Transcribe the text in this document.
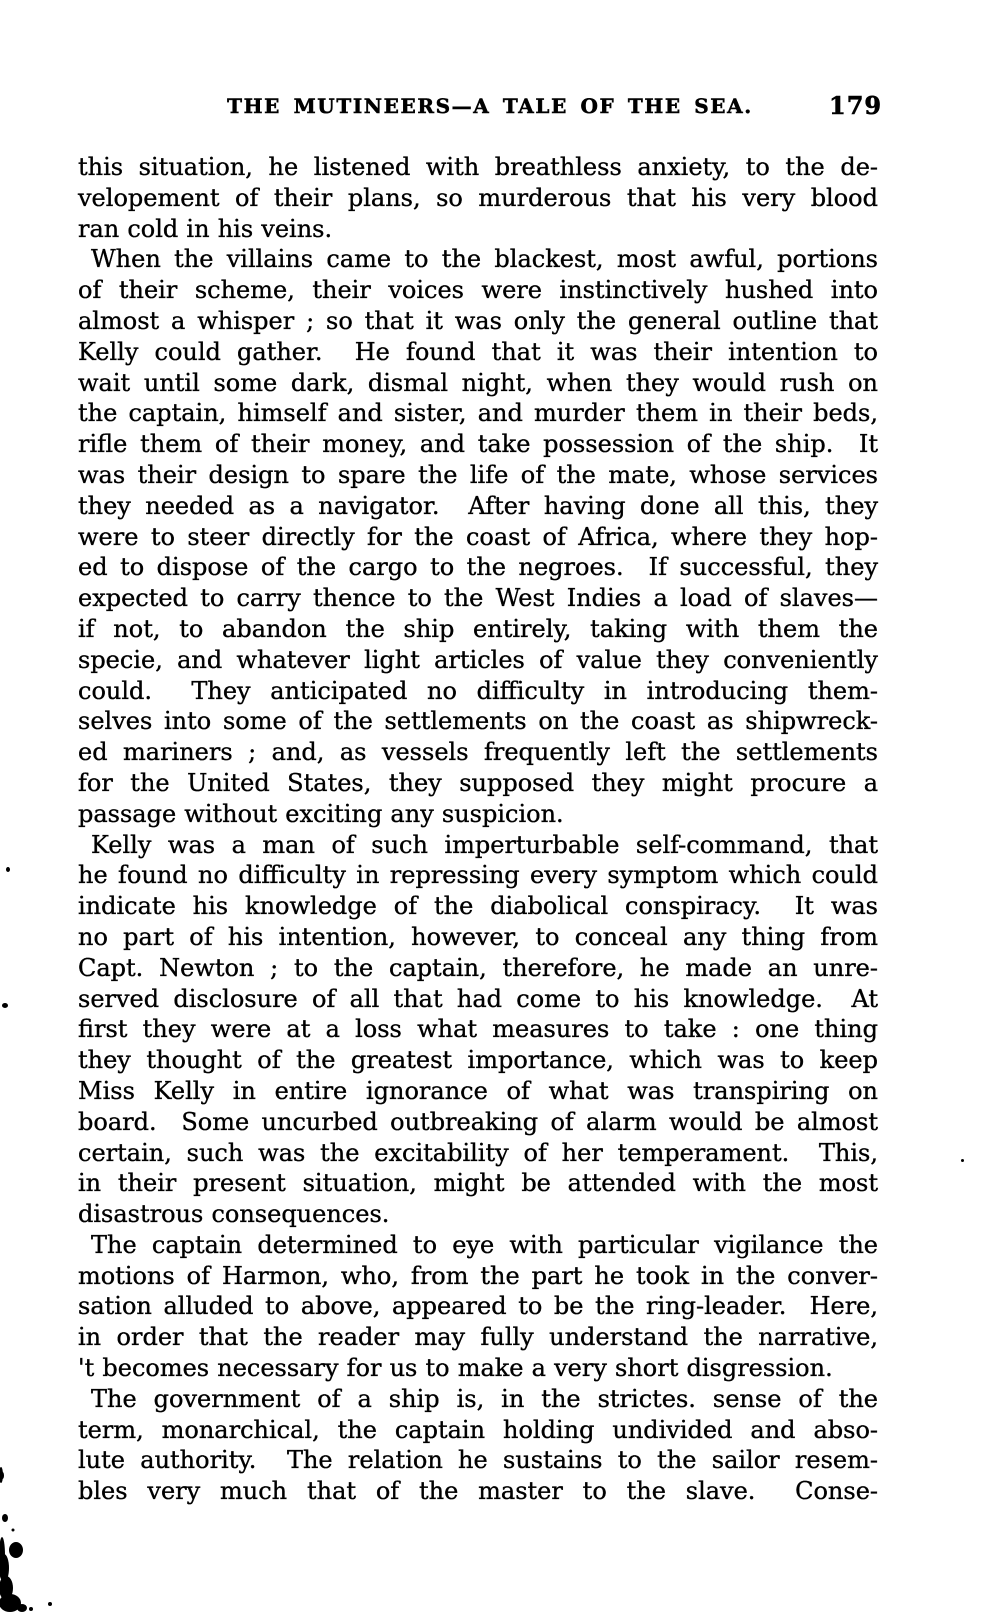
THE MUTINEERS—A TALE OF THE SEA.	179
this situation, he listened with breathless anxiety, to the de-
velopement of their plans, so murderous that his very blood
ran cold in his veins.
When the villains came to the blackest, most awful, portions
of their scheme, their voices were instinctively hushed into
almost a whisper ; so that it was only the general outline that
Kelly could gather.  He found that it was their intention to
wait until some dark, dismal night, when they would rush on
the captain, himself and sister, and murder them in their beds,
rifle them of their money, and take possession of the ship.  It
was their design to spare the life of the mate, whose services
they needed as a navigator.  After having done all this, they
were to steer directly for the coast of Africa, where they hop-
ed to dispose of the cargo to the negroes.  If successful, they
expected to carry thence to the West Indies a load of slaves—
if not, to abandon the ship entirely, taking with them the
specie, and whatever light articles of value they conveniently
could.  They anticipated no difficulty in introducing them-
selves into some of the settlements on the coast as shipwreck-
ed mariners ; and, as vessels frequently left the settlements
for the United States, they supposed they might procure a
passage without exciting any suspicion.
Kelly was a man of such imperturbable self-command, that
he found no difficulty in repressing every symptom which could
indicate his knowledge of the diabolical conspiracy.  It was
no part of his intention, however, to conceal any thing from
Capt. Newton ; to the captain, therefore, he made an unre-
served disclosure of all that had come to his knowledge.  At
first they were at a loss what measures to take : one thing
they thought of the greatest importance, which was to keep
Miss Kelly in entire ignorance of what was transpiring on
board.  Some uncurbed outbreaking of alarm would be almost
certain, such was the excitability of her temperament.  This,
in their present situation, might be attended with the most
disastrous consequences.
The captain determined to eye with particular vigilance the
motions of Harmon, who, from the part he took in the conver-
sation alluded to above, appeared to be the ring-leader.  Here,
in order that the reader may fully understand the narrative,
't becomes necessary for us to make a very short disgression.
The government of a ship is, in the strictes. sense of the
term, monarchical, the captain holding undivided and abso-
lute authority.  The relation he sustains to the sailor resem-
bles very much that of the master to the slave.  Conse-
